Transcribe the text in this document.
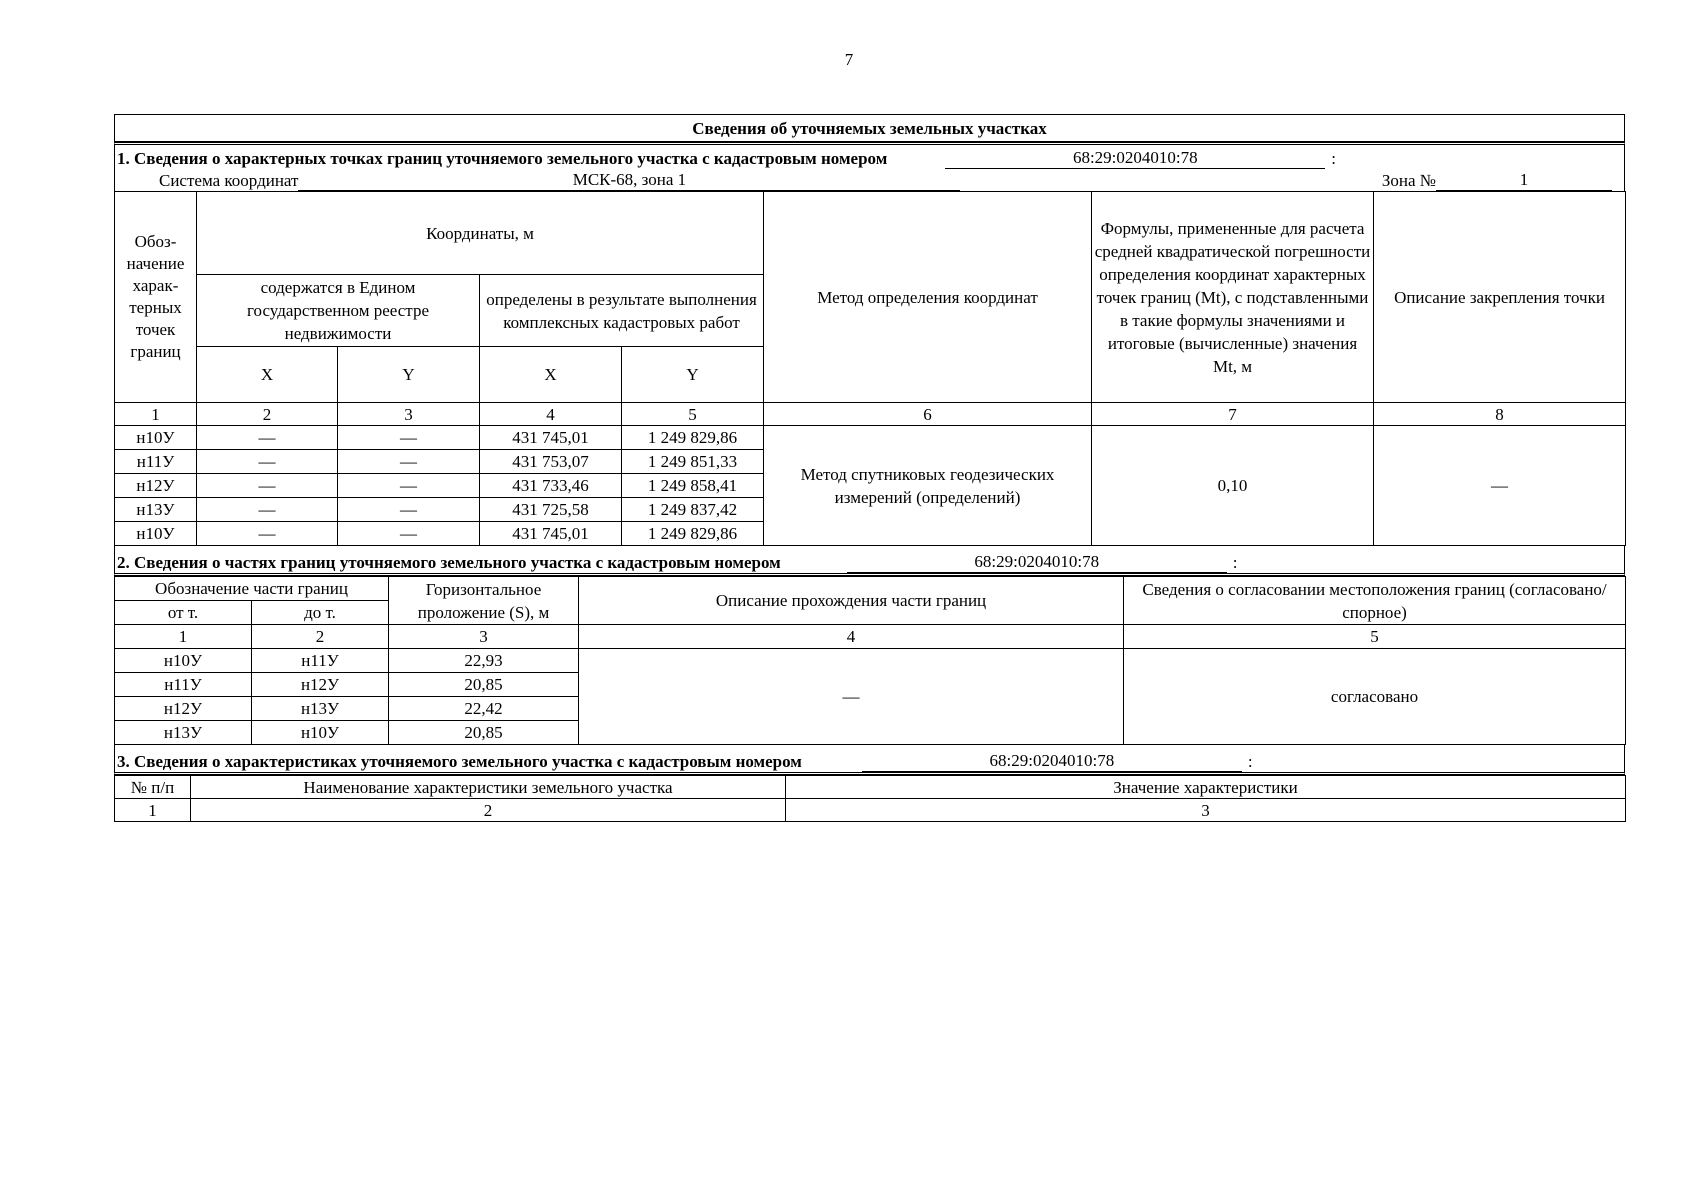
7
Сведения об уточняемых земельных участках
1. Сведения о характерных точках границ уточняемого земельного участка с кадастровым номером	68:29:0204010:78	:
Система координат	МСК-68, зона 1	Зона №	1
Обоз-начение харак-терных точек границ	Координаты, м				Метод определения координат	Формулы, примененные для расчета средней квадратической погрешности определения координат характерных точек границ (Mt), с подставленными в такие формулы значениями и итоговые (вычисленные) значения Mt, м	Описание закрепления точки
	содержатся в Едином государственном реестре недвижимости		определены в результате выполнения комплексных кадастровых работ				
	X	Y	X	Y			
1	2	3	4	5	6	7	8
н10У	—	—	431 745,01	1 249 829,86	Метод спутниковых геодезических измерений (определений)	0,10	—
н11У	—	—	431 753,07	1 249 851,33			
н12У	—	—	431 733,46	1 249 858,41			
н13У	—	—	431 725,58	1 249 837,42			
н10У	—	—	431 745,01	1 249 829,86			
2. Сведения о частях границ уточняемого земельного участка с кадастровым номером	68:29:0204010:78	:
Обозначение части границ		Горизонтальное проложение (S), м	Описание прохождения части границ	Сведения о согласовании местоположения границ (согласовано/спорное)
от т.	до т.			
1	2	3	4	5
н10У	н11У	22,93	—	согласовано
н11У	н12У	20,85		
н12У	н13У	22,42		
н13У	н10У	20,85		
3. Сведения о характеристиках уточняемого земельного участка с кадастровым номером	68:29:0204010:78	:
№ п/п	Наименование характеристики земельного участка	Значение характеристики
1	2	3
